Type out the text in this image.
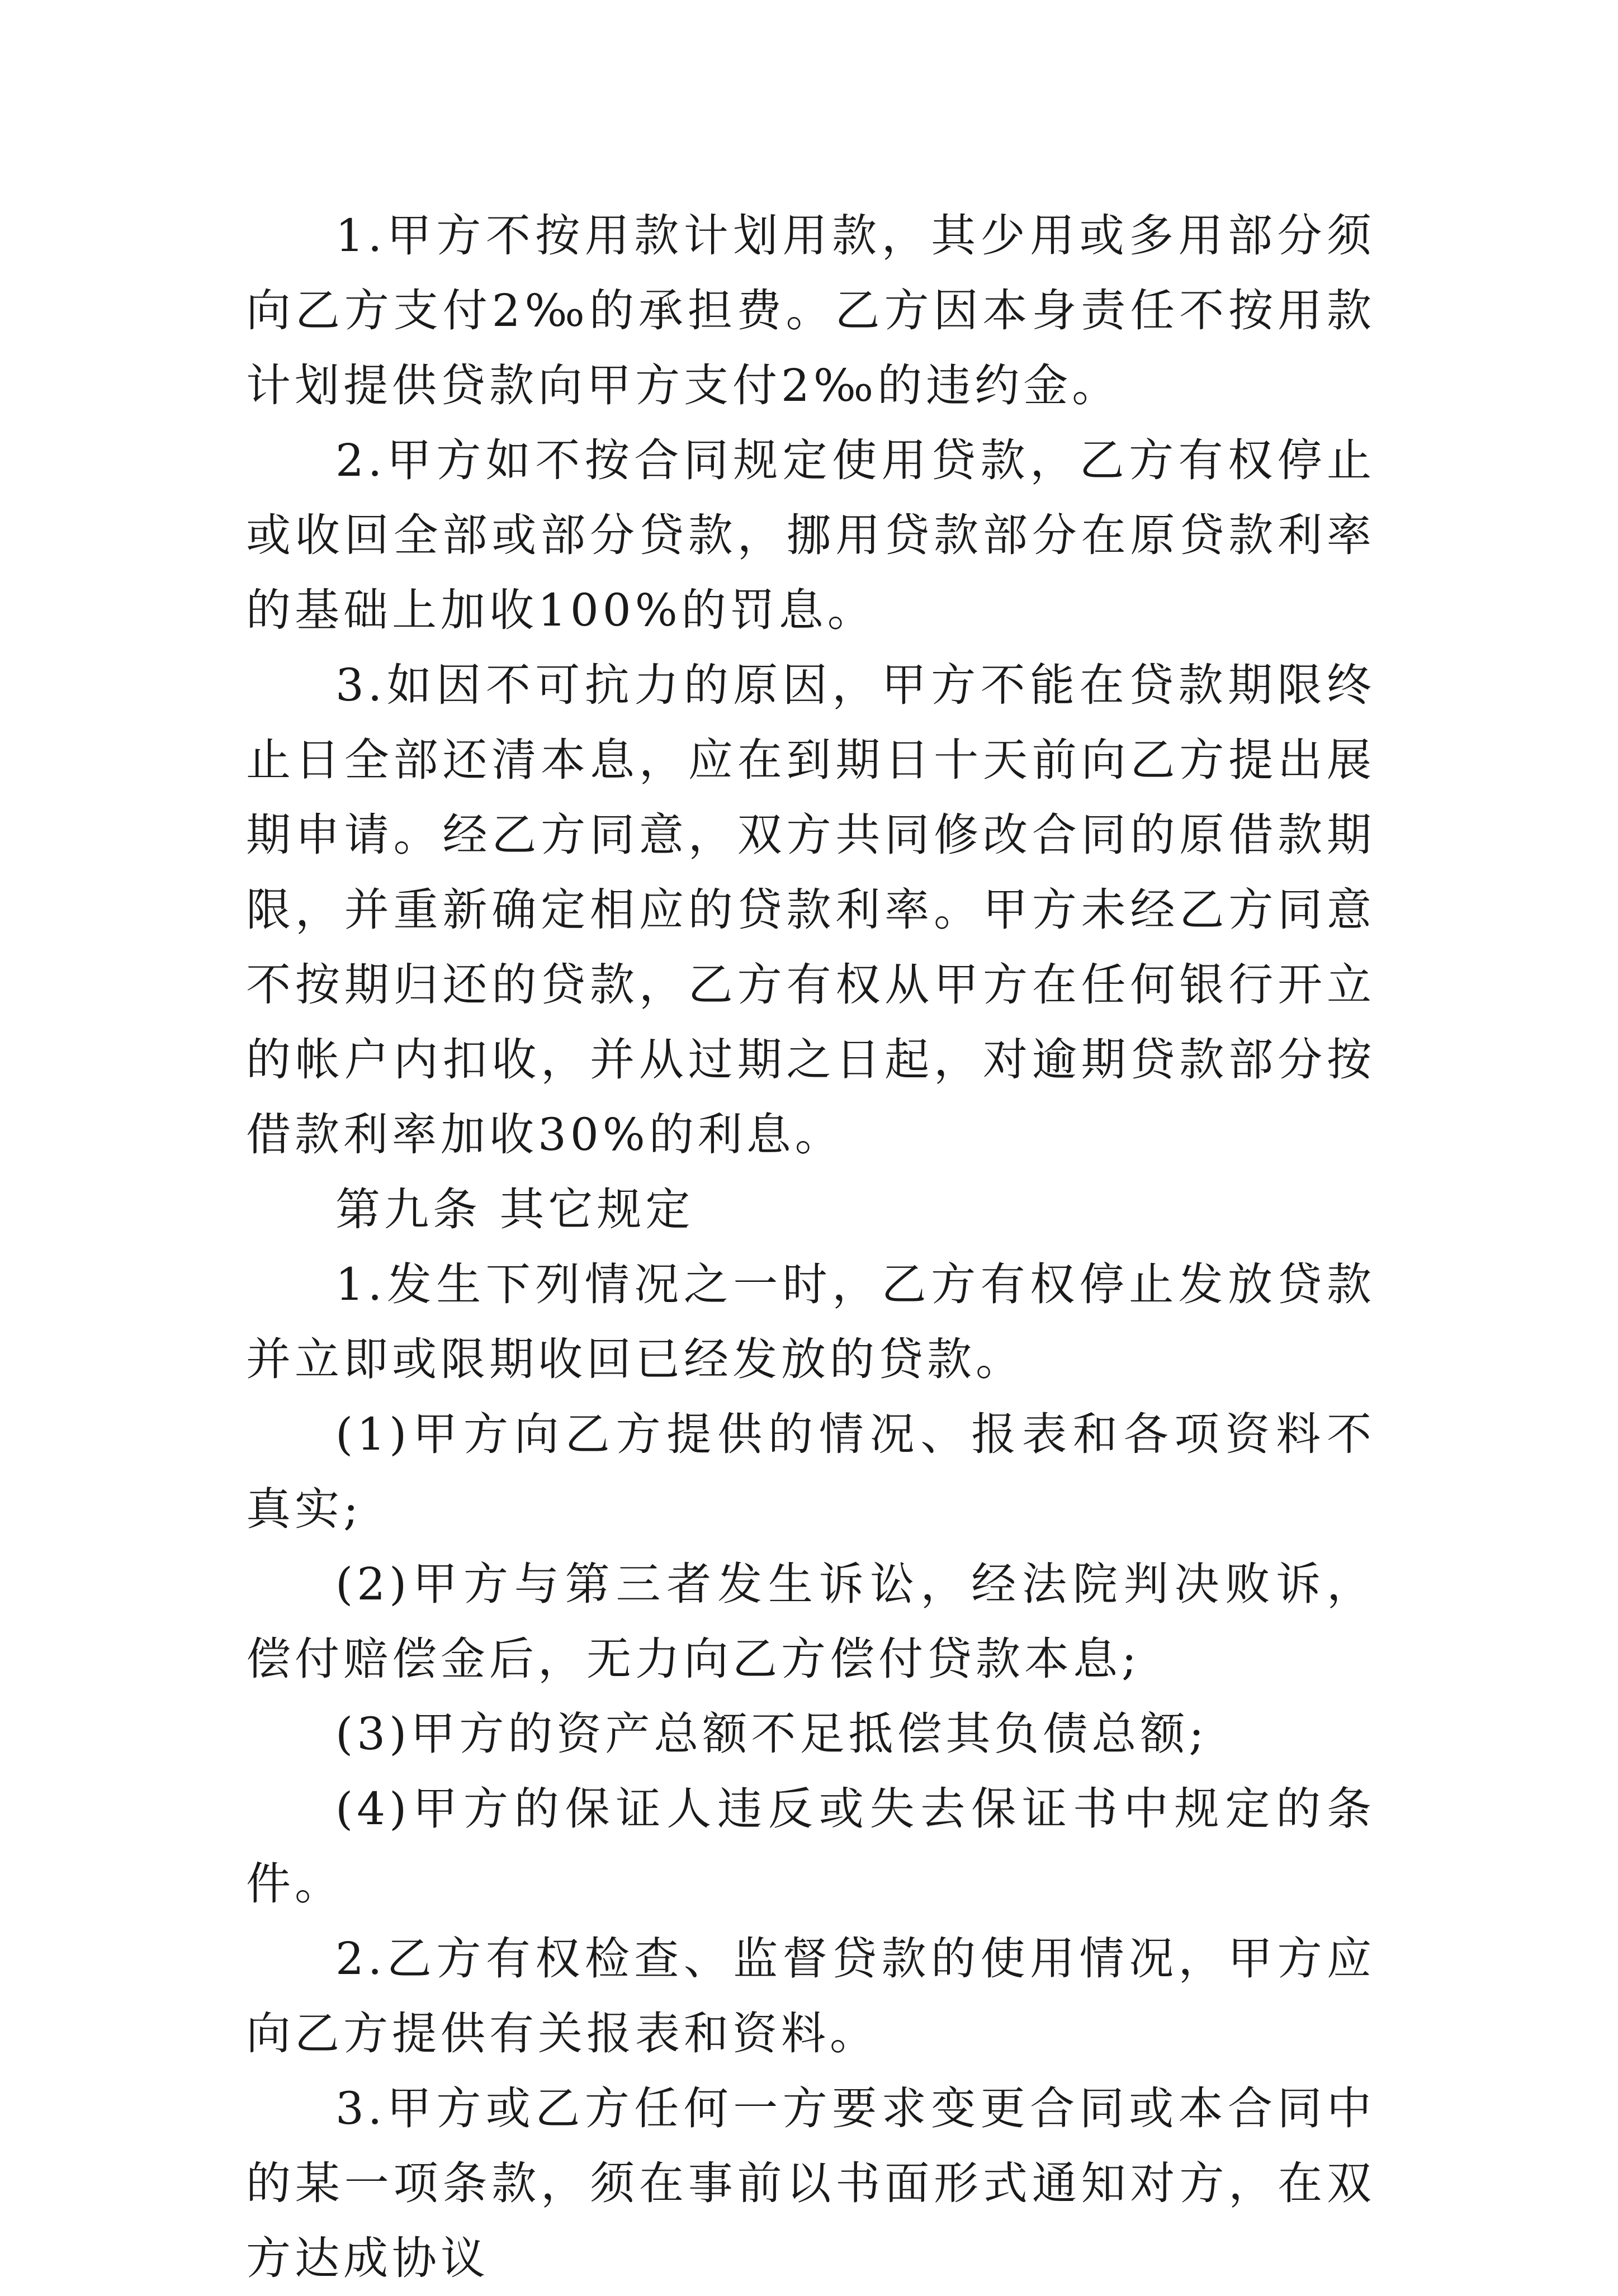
1.甲方不按用款计划用款，其少用或多用部分须向乙方支付2‰的承担费。乙方因本身责任不按用款计划提供贷款向甲方支付2‰的违约金。

2.甲方如不按合同规定使用贷款，乙方有权停止或收回全部或部分贷款，挪用贷款部分在原贷款利率的基础上加收100%的罚息。

3.如因不可抗力的原因，甲方不能在贷款期限终止日全部还清本息，应在到期日十天前向乙方提出展期申请。经乙方同意，双方共同修改合同的原借款期限，并重新确定相应的贷款利率。甲方未经乙方同意不按期归还的贷款，乙方有权从甲方在任何银行开立的帐户内扣收，并从过期之日起，对逾期贷款部分按借款利率加收30%的利息。

第九条 其它规定

1.发生下列情况之一时，乙方有权停止发放贷款并立即或限期收回已经发放的贷款。

(1)甲方向乙方提供的情况、报表和各项资料不真实;

(2)甲方与第三者发生诉讼，经法院判决败诉，偿付赔偿金后，无力向乙方偿付贷款本息;

(3)甲方的资产总额不足抵偿其负债总额;

(4)甲方的保证人违反或失去保证书中规定的条件。

2.乙方有权检查、监督贷款的使用情况，甲方应向乙方提供有关报表和资料。

3.甲方或乙方任何一方要求变更合同或本合同中的某一项条款，须在事前以书面形式通知对方，在双方达成协议
